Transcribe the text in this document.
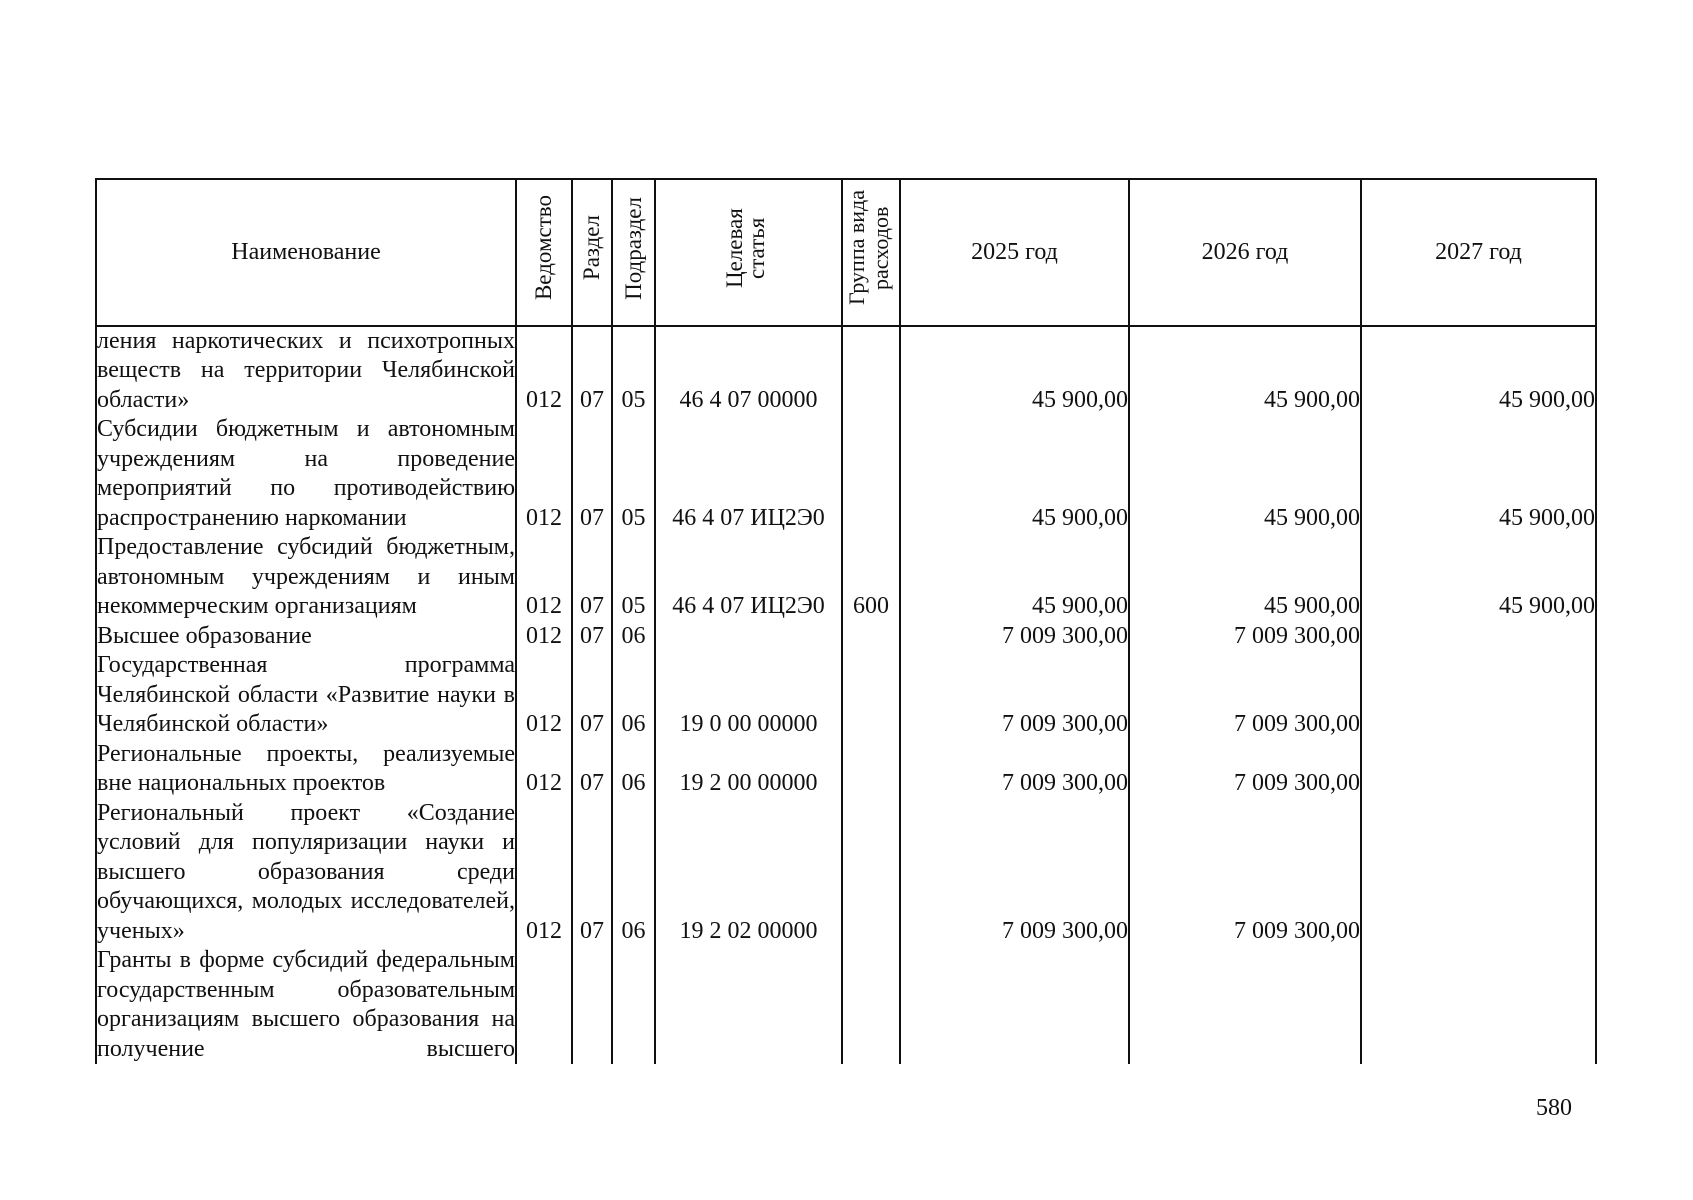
Наименование	Ведомство	Раздел	Подраздел	Целевая статья	Группа вида расходов	2025 год	2026 год	2027 год
ления наркотических и психотропных веществ на территории Челябинской области»	012	07	05	46 4 07 00000		45 900,00	45 900,00	45 900,00
Субсидии бюджетным и автономным учреждениям на проведение мероприятий по противодействию распространению наркомании	012	07	05	46 4 07 ИЦ2Э0		45 900,00	45 900,00	45 900,00
Предоставление субсидий бюджетным, автономным учреждениям и иным некоммерческим организациям	012	07	05	46 4 07 ИЦ2Э0	600	45 900,00	45 900,00	45 900,00
Высшее образование	012	07	06			7 009 300,00	7 009 300,00	
Государственная программа Челябинской области «Развитие науки в Челябинской области»	012	07	06	19 0 00 00000		7 009 300,00	7 009 300,00	
Региональные проекты, реализуемые вне национальных проектов	012	07	06	19 2 00 00000		7 009 300,00	7 009 300,00	
Региональный проект «Создание условий для популяризации науки и высшего образования среди обучающихся, молодых исследователей, ученых»	012	07	06	19 2 02 00000		7 009 300,00	7 009 300,00	
Гранты в форме субсидий федеральным государственным образовательным организациям высшего образования на получение высшего								
580
